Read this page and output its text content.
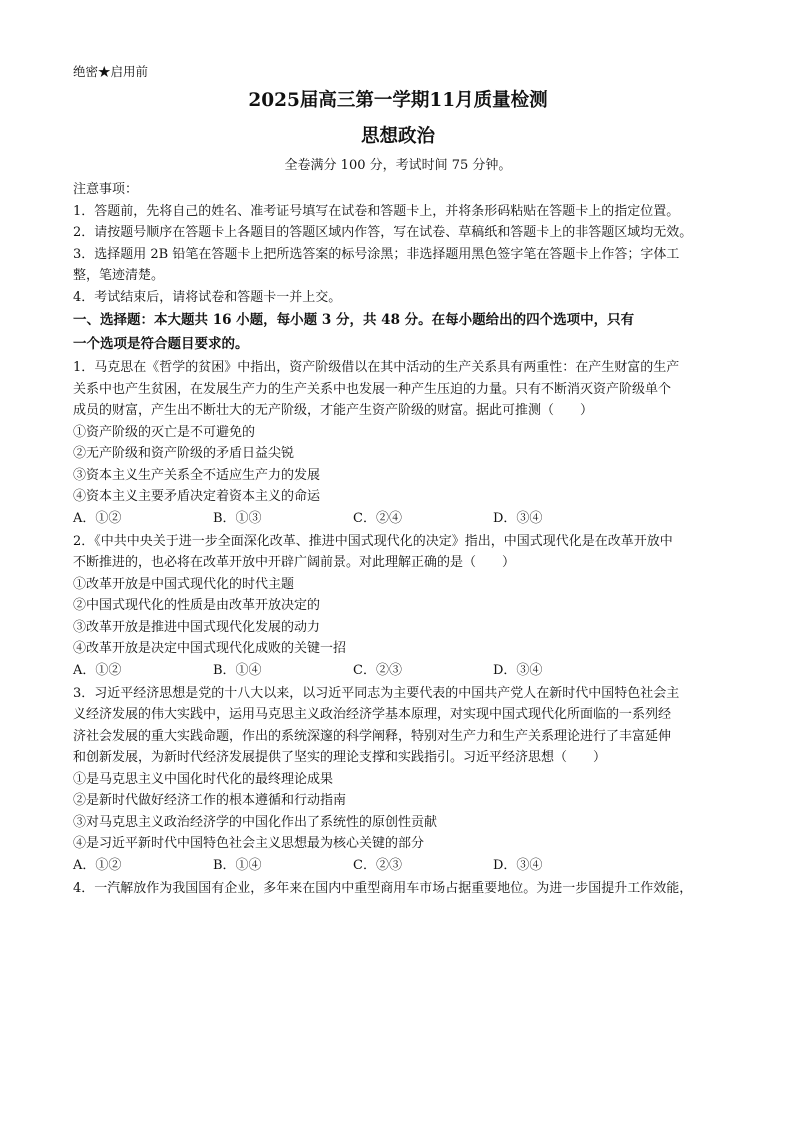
绝密★启用前
2025届高三第一学期11月质量检测
思想政治
全卷满分 100 分，考试时间 75 分钟。
注意事项：
1．答题前，先将自己的姓名、准考证号填写在试卷和答题卡上，并将条形码粘贴在答题卡上的指定位置。
2．请按题号顺序在答题卡上各题目的答题区域内作答，写在试卷、草稿纸和答题卡上的非答题区域均无效。
3．选择题用 2B 铅笔在答题卡上把所选答案的标号涂黑；非选择题用黑色签字笔在答题卡上作答；字体工
整，笔迹清楚。
4．考试结束后，请将试卷和答题卡一并上交。
一、选择题：本大题共 16 小题，每小题 3 分，共 48 分。在每小题给出的四个选项中，只有
一个选项是符合题目要求的。
1．马克思在《哲学的贫困》中指出，资产阶级借以在其中活动的生产关系具有两重性：在产生财富的生产
关系中也产生贫困，在发展生产力的生产关系中也发展一种产生压迫的力量。只有不断消灭资产阶级单个
成员的财富，产生出不断壮大的无产阶级，才能产生资产阶级的财富。据此可推测（　　）
①资产阶级的灭亡是不可避免的
②无产阶级和资产阶级的矛盾日益尖锐
③资本主义生产关系全不适应生产力的发展
④资本主义主要矛盾决定着资本主义的命运
A．①②	B．①③	C．②④	D．③④
2．《中共中央关于进一步全面深化改革、推进中国式现代化的决定》指出，中国式现代化是在改革开放中
不断推进的，也必将在改革开放中开辟广阔前景。对此理解正确的是（　　）
①改革开放是中国式现代化的时代主题
②中国式现代化的性质是由改革开放决定的
③改革开放是推进中国式现代化发展的动力
④改革开放是决定中国式现代化成败的关键一招
A．①②	B．①④	C．②③	D．③④
3．习近平经济思想是党的十八大以来，以习近平同志为主要代表的中国共产党人在新时代中国特色社会主
义经济发展的伟大实践中，运用马克思主义政治经济学基本原理，对实现中国式现代化所面临的一系列经
济社会发展的重大实践命题，作出的系统深邃的科学阐释，特别对生产力和生产关系理论进行了丰富延伸
和创新发展，为新时代经济发展提供了坚实的理论支撑和实践指引。习近平经济思想（　　）
①是马克思主义中国化时代化的最终理论成果
②是新时代做好经济工作的根本遵循和行动指南
③对马克思主义政治经济学的中国化作出了系统性的原创性贡献
④是习近平新时代中国特色社会主义思想最为核心关键的部分
A．①②	B．①④	C．②③	D．③④
4．一汽解放作为我国国有企业，多年来在国内中重型商用车市场占据重要地位。为进一步国提升工作效能，
